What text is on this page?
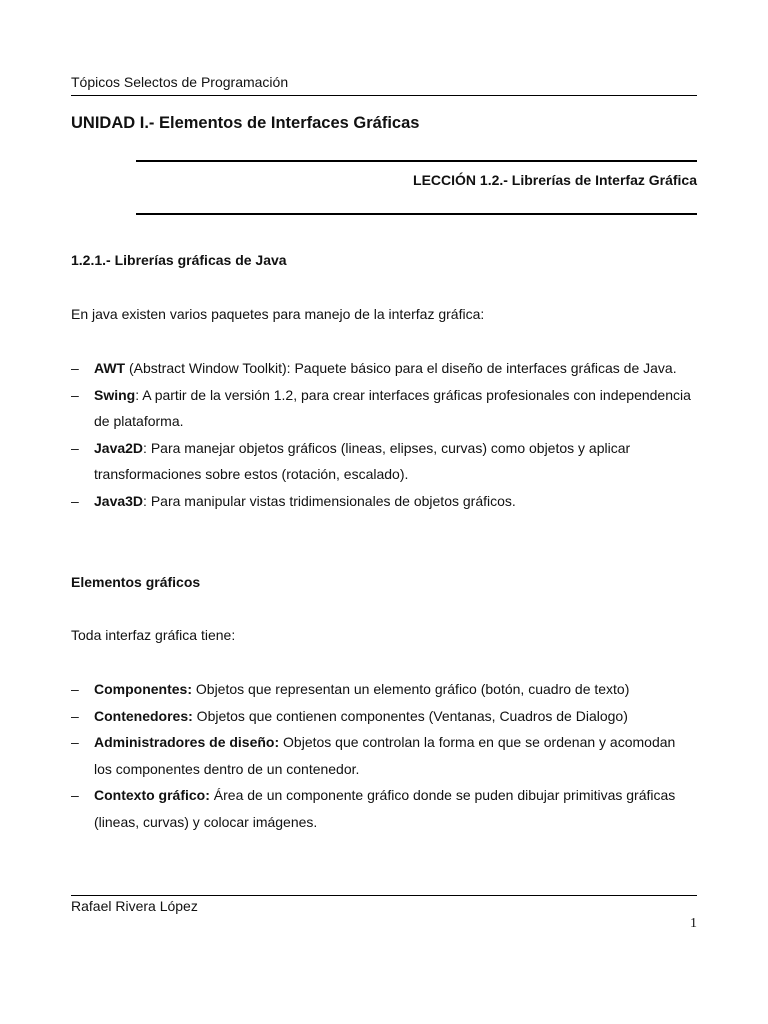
Tópicos Selectos de Programación
UNIDAD I.- Elementos de Interfaces Gráficas
LECCIÓN 1.2.- Librerías de Interfaz Gráfica
1.2.1.- Librerías gráficas de Java
En java existen varios paquetes para manejo de la interfaz gráfica:
– AWT (Abstract Window Toolkit): Paquete básico para el diseño de interfaces gráficas de Java.
– Swing: A partir de la versión 1.2, para crear interfaces gráficas profesionales con independencia de plataforma.
– Java2D: Para manejar objetos gráficos (lineas, elipses, curvas) como objetos y aplicar transformaciones sobre estos (rotación, escalado).
– Java3D: Para manipular vistas tridimensionales de objetos gráficos.
Elementos gráficos
Toda interfaz gráfica tiene:
– Componentes: Objetos que representan un elemento gráfico (botón, cuadro de texto)
– Contenedores: Objetos que contienen componentes (Ventanas, Cuadros de Dialogo)
– Administradores de diseño: Objetos que controlan la forma en que se ordenan y acomodan los componentes dentro de un contenedor.
– Contexto gráfico: Área de un componente gráfico donde se puden dibujar primitivas gráficas (lineas, curvas) y colocar imágenes.
Rafael Rivera López
1
